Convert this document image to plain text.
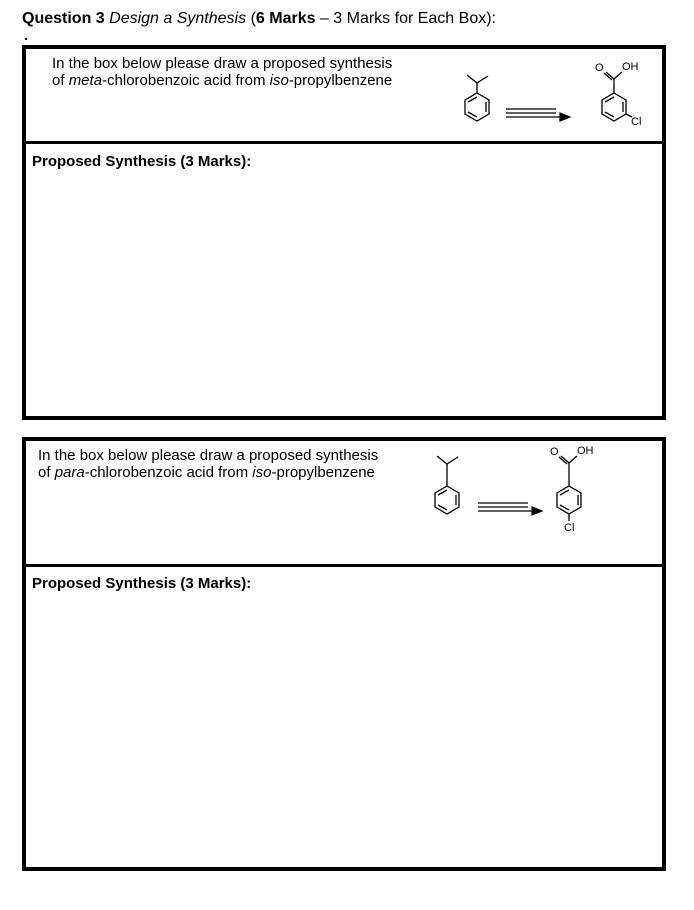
Question 3 Design a Synthesis (6 Marks – 3 Marks for Each Box):
In the box below please draw a proposed synthesis
of meta-chlorobenzoic acid from iso-propylbenzene
O OH
Cl
Proposed Synthesis (3 Marks):
In the box below please draw a proposed synthesis
of para-chlorobenzoic acid from iso-propylbenzene
O OH
Cl
Proposed Synthesis (3 Marks):
